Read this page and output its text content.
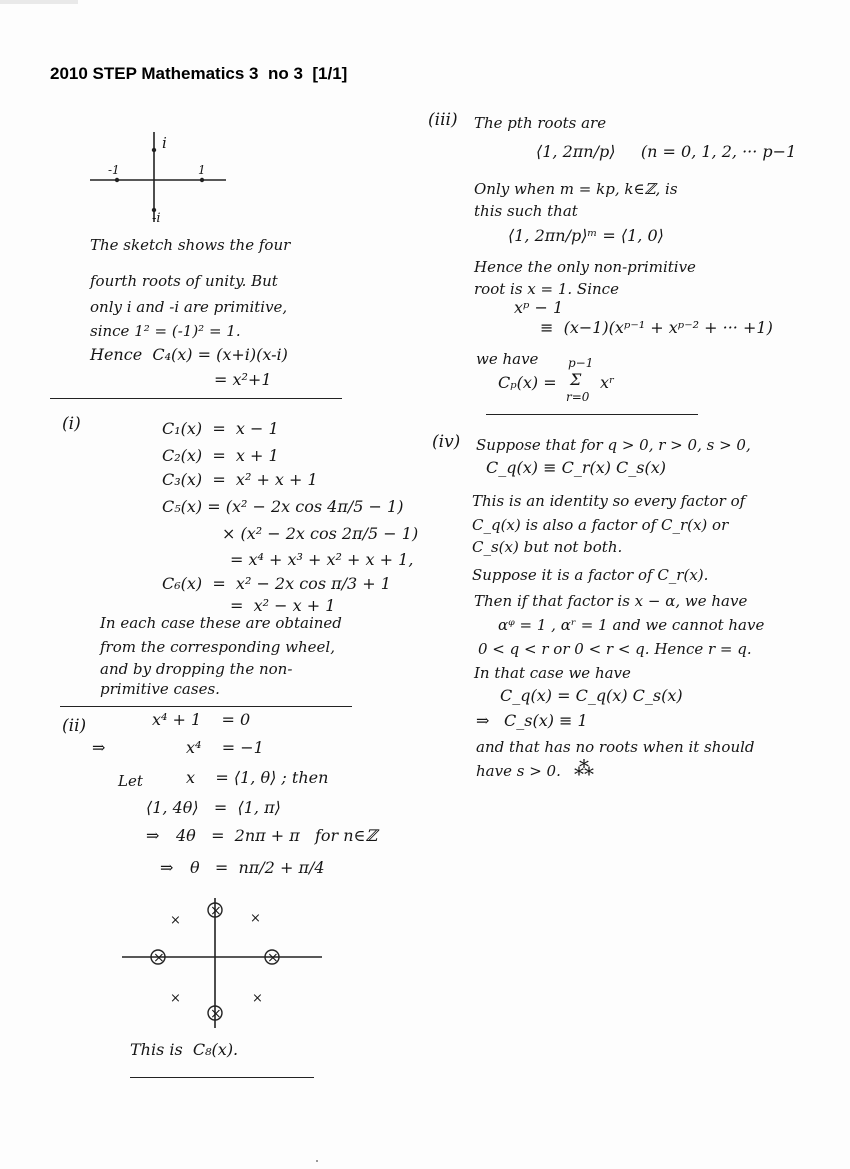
2010 STEP Mathematics 3  no 3  [1/1]
i
-1	1
-i
The sketch shows the four
fourth roots of unity. But
only i and -i are primitive,
since 1² = (-1)² = 1.
Hence  C₄(x) = (x+i)(x-i)
= x²+1
(i)	C₁(x)  =  x − 1
C₂(x)  =  x + 1
C₃(x)  =  x² + x + 1
C₅(x) = (x² − 2x cos 4π/5 − 1)
× (x² − 2x cos 2π/5 − 1)
= x⁴ + x³ + x² + x + 1,
C₆(x)  =  x² − 2x cos π/3 + 1
=  x² − x + 1
In each case these are obtained
from the corresponding wheel,
and by dropping the non-
primitive cases.
(ii)	x⁴ + 1    = 0
⇒	x⁴    = −1
Let	x    = ⟨1, θ⟩ ; then
⟨1, 4θ⟩   =  ⟨1, π⟩
⇒ 4θ   =  2nπ + π   for n∈ℤ
⇒ θ   =  nπ/2 + π/4
×
×	×
×
×
×
×	×
This is  C₈(x).
(iii) The pth roots are
⟨1, 2πn/p⟩     (n = 0, 1, 2, ··· p−1
Only when m = kp, k∈ℤ, is
this such that
⟨1, 2πn/p⟩ᵐ = ⟨1, 0⟩
Hence the only non-primitive
root is x = 1. Since
xᵖ − 1
≡  (x−1)(xᵖ⁻¹ + xᵖ⁻² + ··· +1)
we have
Cₚ(x) =
p−1
Σ
r=0
xʳ
(iv) Suppose that for q > 0, r > 0, s > 0,
C_q(x) ≡ C_r(x) C_s(x)
This is an identity so every factor of
C_q(x) is also a factor of C_r(x) or
C_s(x) but not both.
Suppose it is a factor of C_r(x).
Then if that factor is x − α, we have
αᵠ = 1 , αʳ = 1 and we cannot have
0 < q < r or 0 < r < q. Hence r = q.
In that case we have
C_q(x) = C_q(x) C_s(x)
⇒ C_s(x) ≡ 1
and that has no roots when it should
have s > 0. ⁂
